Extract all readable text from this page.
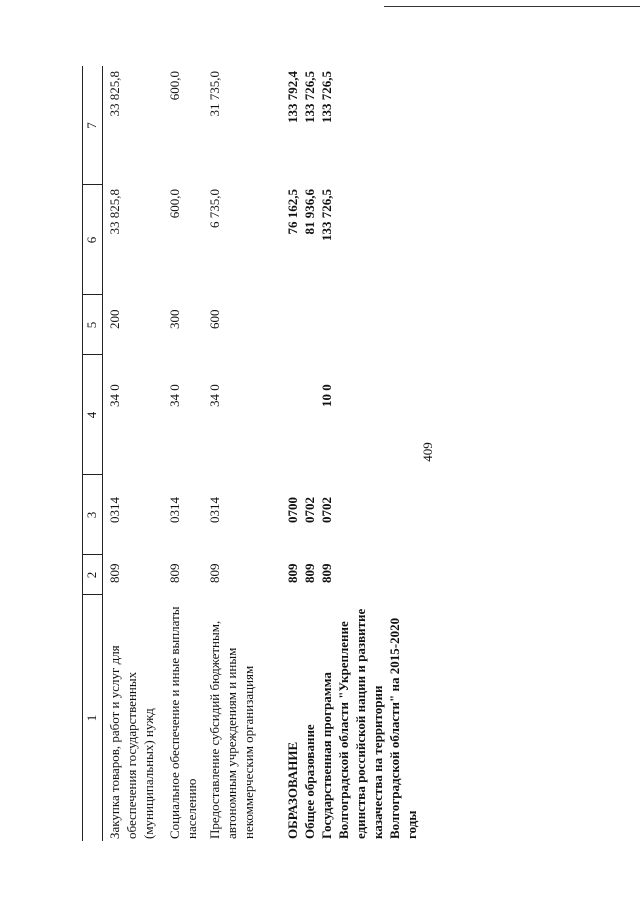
409
1
2
3
4
5
6
7
Закупка товаров, работ и услуг для обеспечения государственных (муниципальных) нужд
809
0314
34 0
200
33 825,8
33 825,8
Социальное обеспечение и иные выплаты населению
809
0314
34 0
300
600,0
600,0
Предоставление субсидий бюджетным, автономным учреждениям и иным некоммерческим организациям
809
0314
34 0
600
6 735,0
31 735,0
ОБРАЗОВАНИЕ
809
0700
76 162,5
133 792,4
Общее образование
809
0702
81 936,6
133 726,5
Государственная программа Волгоградской области "Укрепление единства российской нации и развитие казачества на территории Волгоградской области" на 2015-2020 годы
809
0702
10 0
133 726,5
133 726,5
